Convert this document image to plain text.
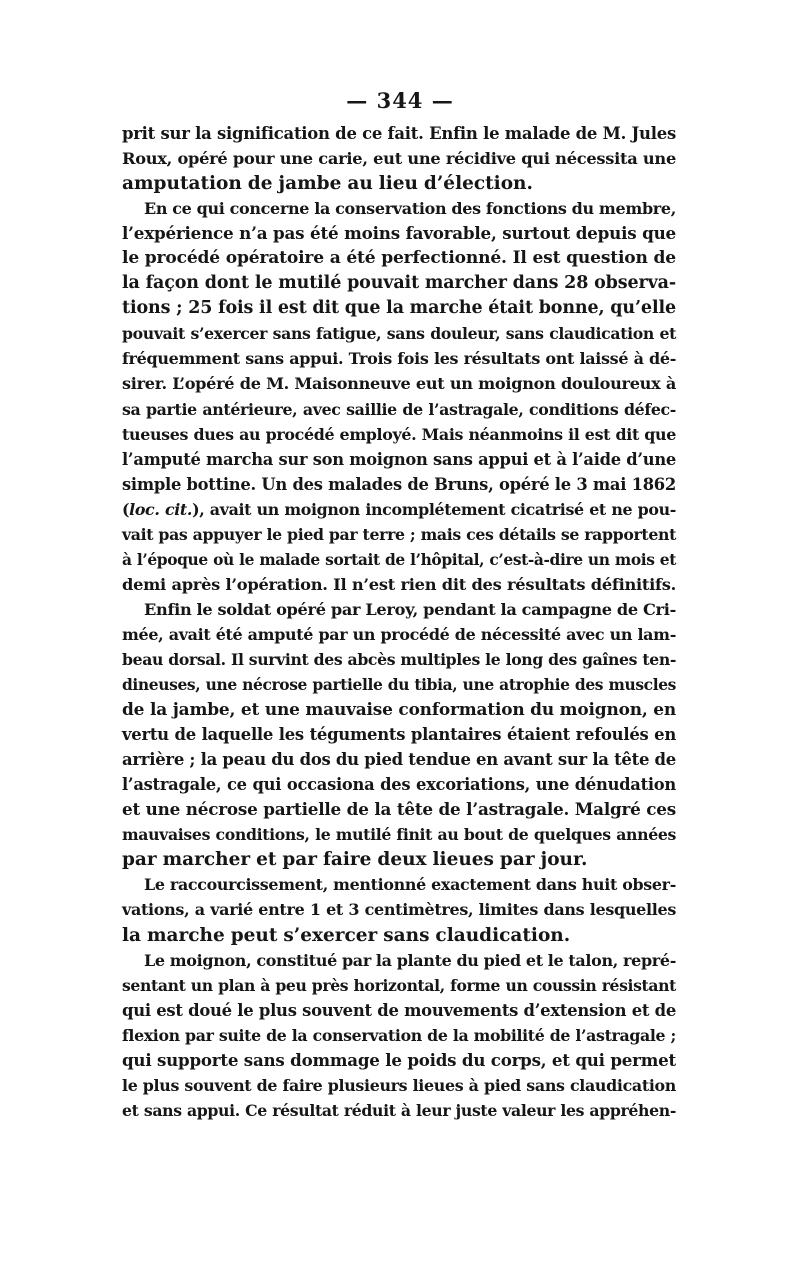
— 344 —

prit sur la signification de ce fait. Enfin le malade de M. Jules
Roux, opéré pour une carie, eut une récidive qui nécessita une
amputation de jambe au lieu d’élection.

En ce qui concerne la conservation des fonctions du membre,
l’expérience n’a pas été moins favorable, surtout depuis que
le procédé opératoire a été perfectionné. Il est question de
la façon dont le mutilé pouvait marcher dans 28 observa-
tions ; 25 fois il est dit que la marche était bonne, qu’elle
pouvait s’exercer sans fatigue, sans douleur, sans claudication et
fréquemment sans appui. Trois fois les résultats ont laissé à dé-
sirer. L’opéré de M. Maisonneuve eut un moignon douloureux à
sa partie antérieure, avec saillie de l’astragale, conditions défec-
tueuses dues au procédé employé. Mais néanmoins il est dit que
l’amputé marcha sur son moignon sans appui et à l’aide d’une
simple bottine. Un des malades de Bruns, opéré le 3 mai 1862
(loc. cit.), avait un moignon incomplétement cicatrisé et ne pou-
vait pas appuyer le pied par terre ; mais ces détails se rapportent
à l’époque où le malade sortait de l’hôpital, c’est-à-dire un mois et
demi après l’opération. Il n’est rien dit des résultats définitifs.

Enfin le soldat opéré par Leroy, pendant la campagne de Cri-
mée, avait été amputé par un procédé de nécessité avec un lam-
beau dorsal. Il survint des abcès multiples le long des gaînes ten-
dineuses, une nécrose partielle du tibia, une atrophie des muscles
de la jambe, et une mauvaise conformation du moignon, en
vertu de laquelle les téguments plantaires étaient refoulés en
arrière ; la peau du dos du pied tendue en avant sur la tête de
l’astragale, ce qui occasiona des excoriations, une dénudation
et une nécrose partielle de la tête de l’astragale. Malgré ces
mauvaises conditions, le mutilé finit au bout de quelques années
par marcher et par faire deux lieues par jour.

Le raccourcissement, mentionné exactement dans huit obser-
vations, a varié entre 1 et 3 centimètres, limites dans lesquelles
la marche peut s’exercer sans claudication.

Le moignon, constitué par la plante du pied et le talon, repré-
sentant un plan à peu près horizontal, forme un coussin résistant
qui est doué le plus souvent de mouvements d’extension et de
flexion par suite de la conservation de la mobilité de l’astragale ;
qui supporte sans dommage le poids du corps, et qui permet
le plus souvent de faire plusieurs lieues à pied sans claudication
et sans appui. Ce résultat réduit à leur juste valeur les appréhen-
